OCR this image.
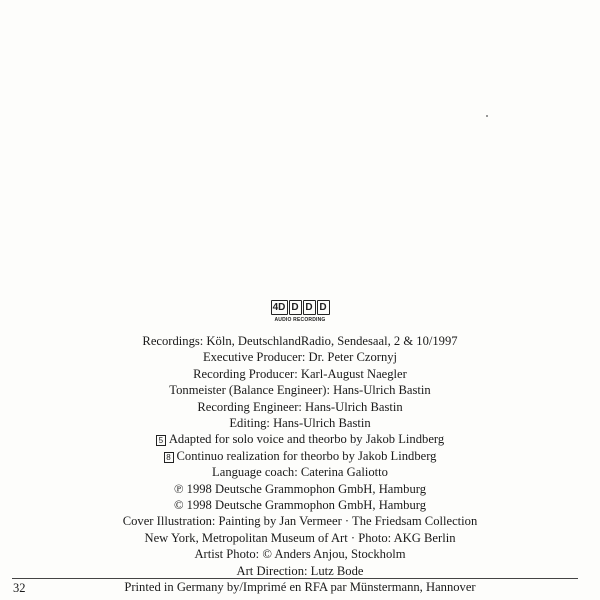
4D D D D
AUDIO RECORDING
Recordings: Köln, DeutschlandRadio, Sendesaal, 2 & 10/1997
Executive Producer: Dr. Peter Czornyj
Recording Producer: Karl-August Naegler
Tonmeister (Balance Engineer): Hans-Ulrich Bastin
Recording Engineer: Hans-Ulrich Bastin
Editing: Hans-Ulrich Bastin
5 Adapted for solo voice and theorbo by Jakob Lindberg
8 Continuo realization for theorbo by Jakob Lindberg
Language coach: Caterina Galiotto
℗ 1998 Deutsche Grammophon GmbH, Hamburg
© 1998 Deutsche Grammophon GmbH, Hamburg
Cover Illustration: Painting by Jan Vermeer · The Friedsam Collection
New York, Metropolitan Museum of Art · Photo: AKG Berlin
Artist Photo: © Anders Anjou, Stockholm
Art Direction: Lutz Bode
Printed in Germany by/Imprimé en RFA par Münstermann, Hannover
32
